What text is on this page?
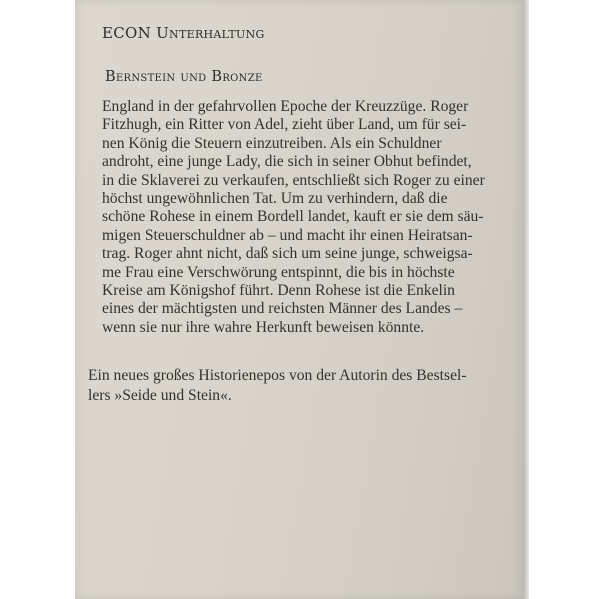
ECON Unterhaltung
Bernstein und Bronze
England in der gefahrvollen Epoche der Kreuzzüge. Roger
Fitzhugh, ein Ritter von Adel, zieht über Land, um für sei-
nen König die Steuern einzutreiben. Als ein Schuldner
androht, eine junge Lady, die sich in seiner Obhut befindet,
in die Sklaverei zu verkaufen, entschließt sich Roger zu einer
höchst ungewöhnlichen Tat. Um zu verhindern, daß die
schöne Rohese in einem Bordell landet, kauft er sie dem säu-
migen Steuerschuldner ab – und macht ihr einen Heiratsan-
trag. Roger ahnt nicht, daß sich um seine junge, schweigsa-
me Frau eine Verschwörung entspinnt, die bis in höchste
Kreise am Königshof führt. Denn Rohese ist die Enkelin
eines der mächtigsten und reichsten Männer des Landes –
wenn sie nur ihre wahre Herkunft beweisen könnte.
Ein neues großes Historienepos von der Autorin des Bestsel-
lers »Seide und Stein«.
